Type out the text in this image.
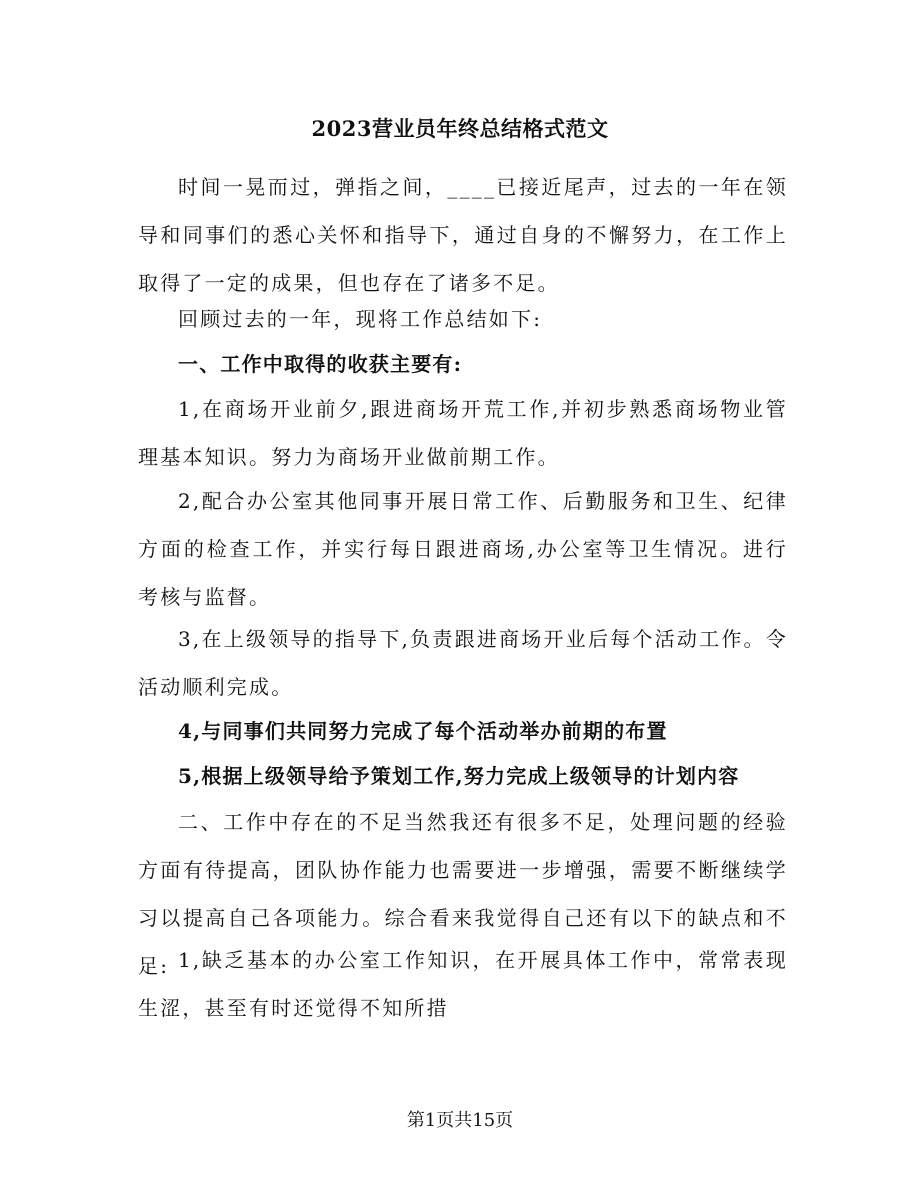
2023营业员年终总结格式范文

时间一晃而过，弹指之间，____已接近尾声，过去的一年在领导和同事们的悉心关怀和指导下，通过自身的不懈努力，在工作上取得了一定的成果，但也存在了诸多不足。

回顾过去的一年，现将工作总结如下:

一、工作中取得的收获主要有:

1,在商场开业前夕,跟进商场开荒工作,并初步熟悉商场物业管理基本知识。努力为商场开业做前期工作。

2,配合办公室其他同事开展日常工作、后勤服务和卫生、纪律方面的检查工作，并实行每日跟进商场,办公室等卫生情况。进行考核与监督。

3,在上级领导的指导下,负责跟进商场开业后每个活动工作。令活动顺利完成。

4,与同事们共同努力完成了每个活动举办前期的布置

5,根据上级领导给予策划工作,努力完成上级领导的计划内容

二、工作中存在的不足当然我还有很多不足，处理问题的经验方面有待提高，团队协作能力也需要进一步增强，需要不断继续学习以提高自己各项能力。综合看来我觉得自己还有以下的缺点和不足: 1,缺乏基本的办公室工作知识，在开展具体工作中，常常表现生涩，甚至有时还觉得不知所措

第1页共15页
